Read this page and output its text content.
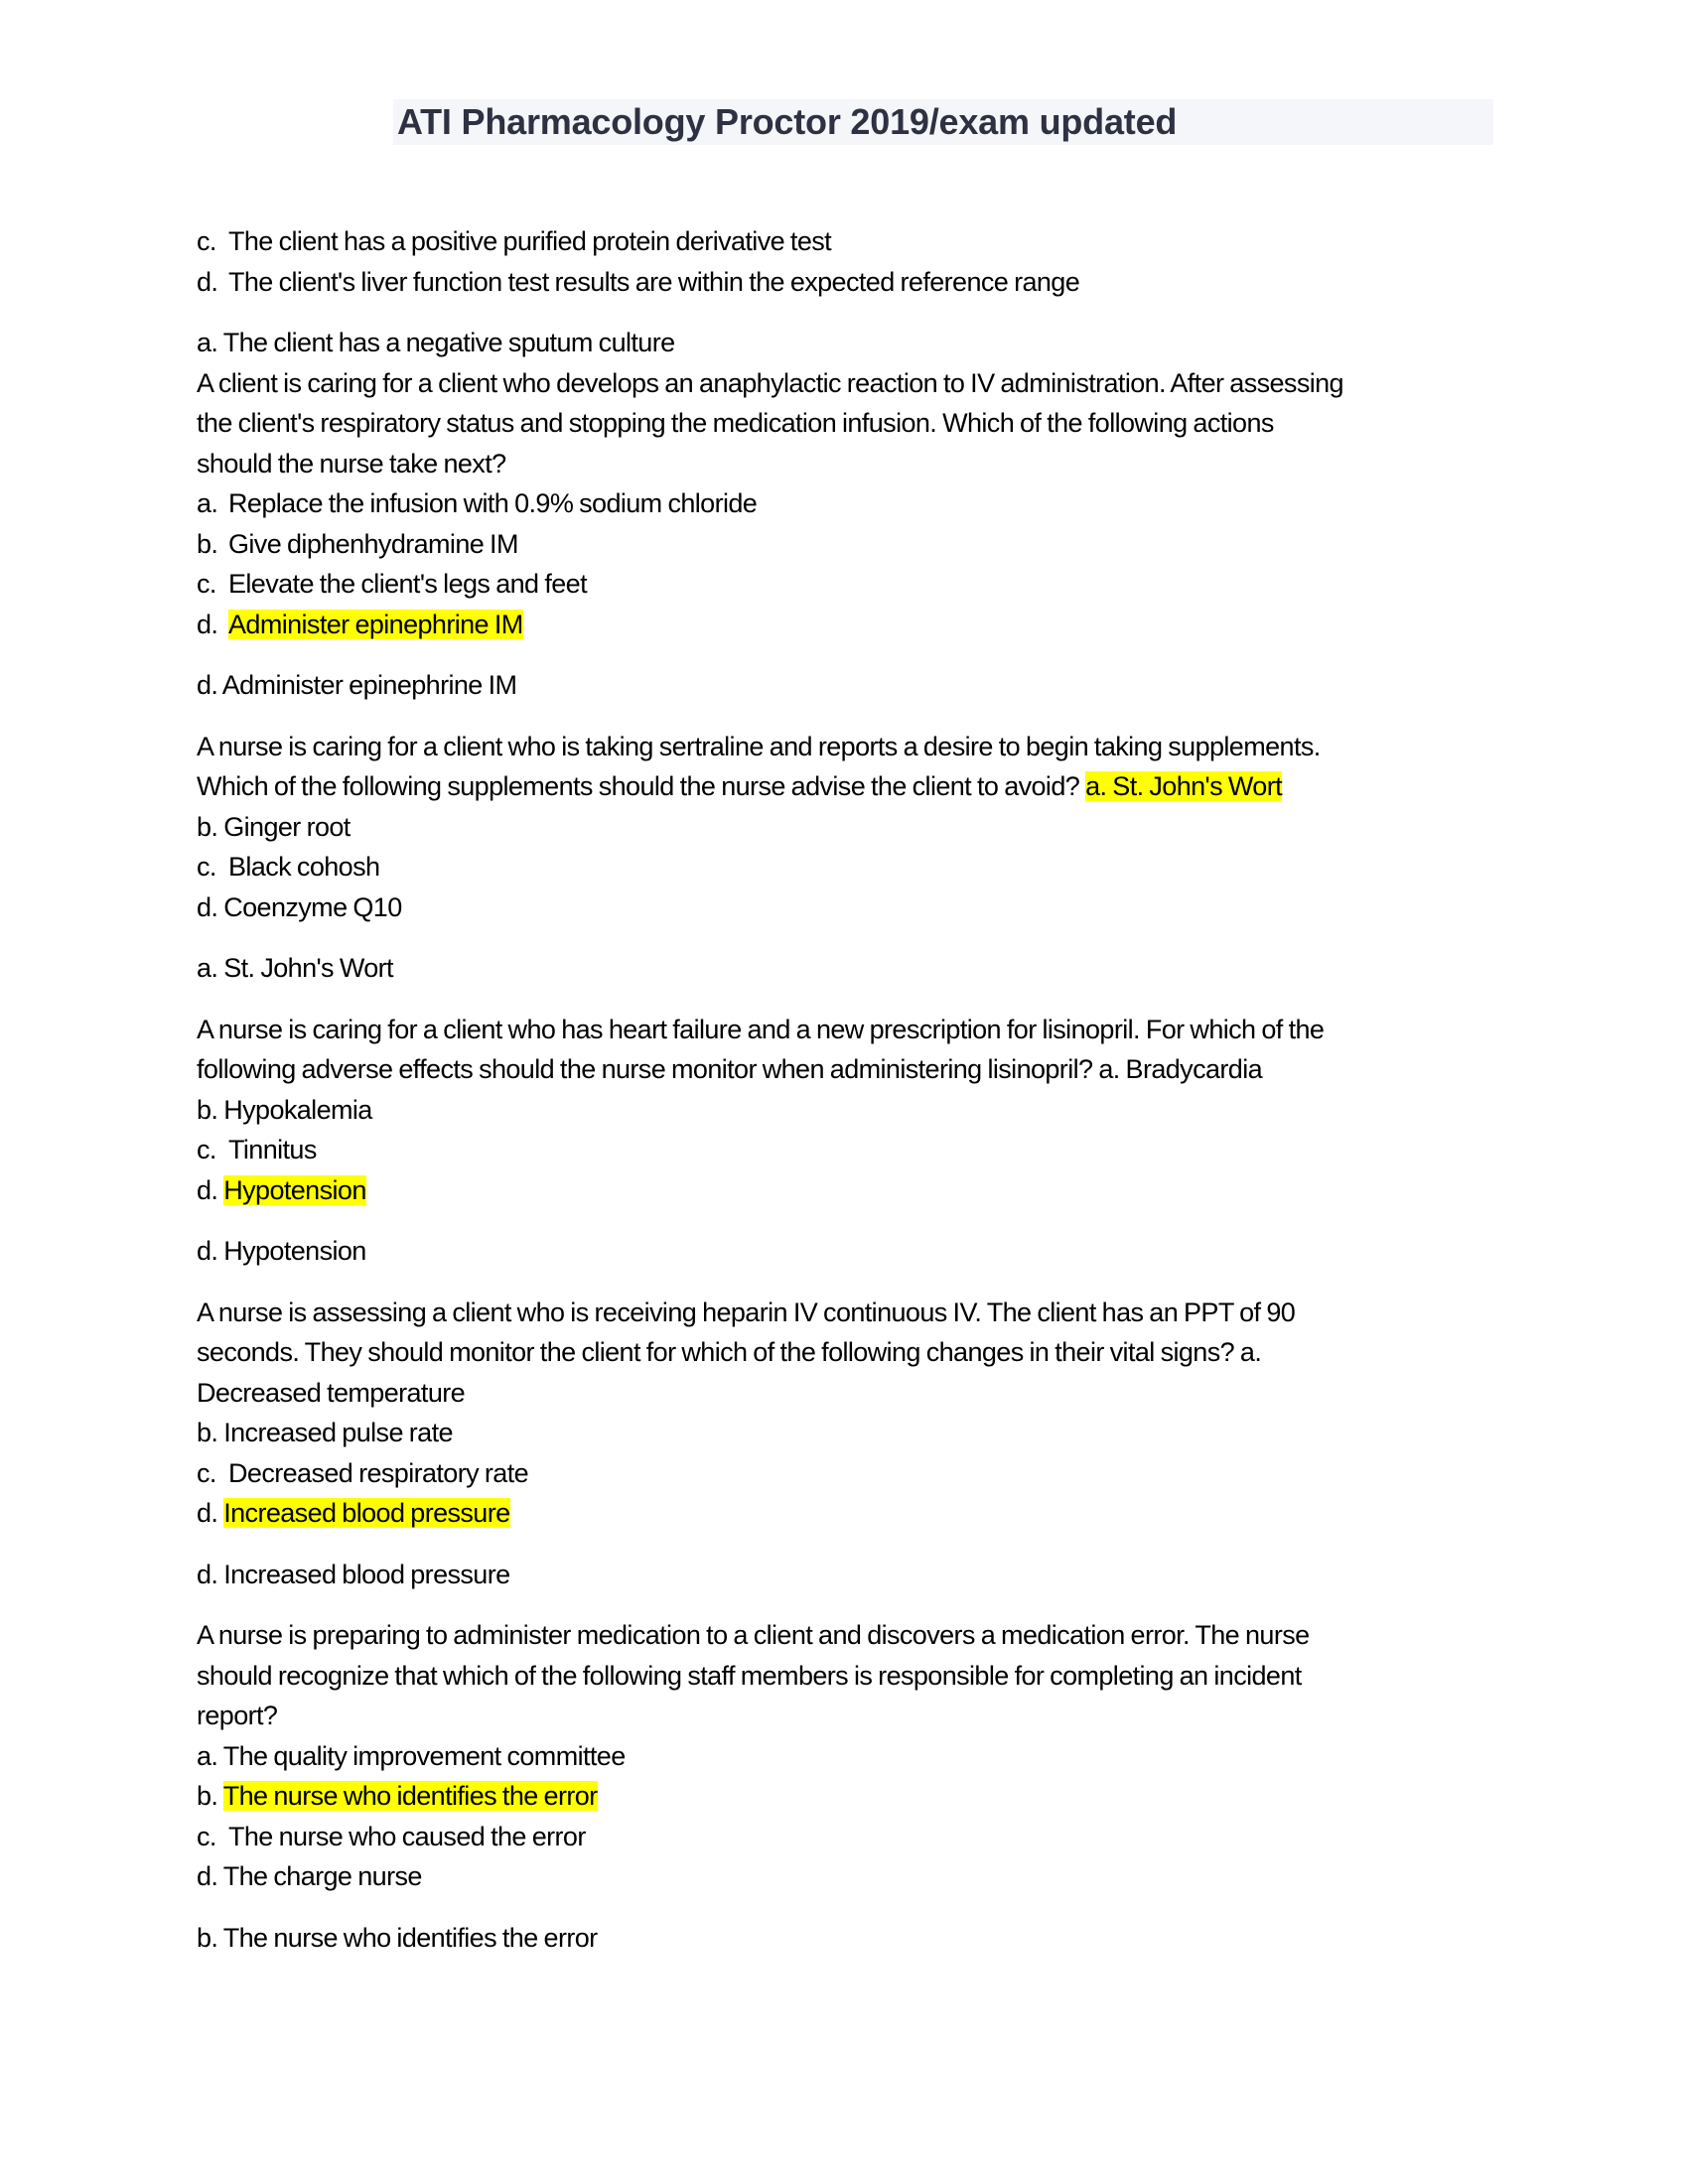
ATI Pharmacology Proctor 2019/exam updated
c. The client has a positive purified protein derivative test
d. The client's liver function test results are within the expected reference range
a. The client has a negative sputum culture
A client is caring for a client who develops an anaphylactic reaction to IV administration. After assessing
the client's respiratory status and stopping the medication infusion. Which of the following actions
should the nurse take next?
a. Replace the infusion with 0.9% sodium chloride
b. Give diphenhydramine IM
c. Elevate the client's legs and feet
d. Administer epinephrine IM
d. Administer epinephrine IM
A nurse is caring for a client who is taking sertraline and reports a desire to begin taking supplements.
Which of the following supplements should the nurse advise the client to avoid? a. St. John's Wort
b. Ginger root
c. Black cohosh
d. Coenzyme Q10
a. St. John's Wort
A nurse is caring for a client who has heart failure and a new prescription for lisinopril. For which of the
following adverse effects should the nurse monitor when administering lisinopril? a. Bradycardia
b. Hypokalemia
c. Tinnitus
d. Hypotension
d. Hypotension
A nurse is assessing a client who is receiving heparin IV continuous IV. The client has an PPT of 90
seconds. They should monitor the client for which of the following changes in their vital signs? a.
Decreased temperature
b. Increased pulse rate
c. Decreased respiratory rate
d. Increased blood pressure
d. Increased blood pressure
A nurse is preparing to administer medication to a client and discovers a medication error. The nurse
should recognize that which of the following staff members is responsible for completing an incident
report?
a. The quality improvement committee
b. The nurse who identifies the error
c. The nurse who caused the error
d. The charge nurse
b. The nurse who identifies the error
